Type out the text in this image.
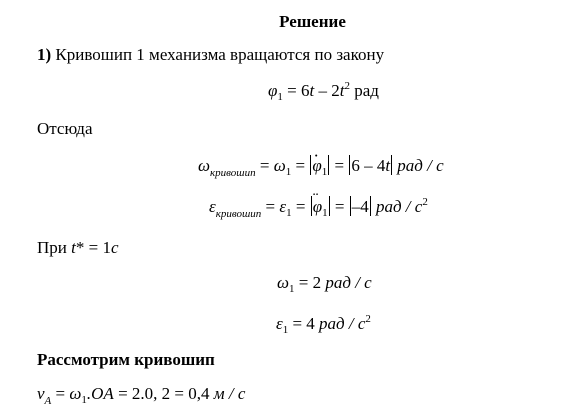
Решение
1) Кривошип 1 механизма вращаются по закону
$\varphi_1 = 6t - 2t^2$ рад
Отсюда
$\omega_{кривошип} = \omega_1$ = · $\varphi_1 = 6 - 4t$ рад / с
$\varepsilon_{кривошип} = \varepsilon_1$ = ¨ $\varphi_1 = -4$ рад / $с^2$
При t* = 1с
$\omega_1 = 2$ рад / с
$\varepsilon_1 = 4$ рад / $с^2$
Рассмотрим кривошип
$v_A = \omega_1.OA = 2.0$, 2 = 0,4 м / с
